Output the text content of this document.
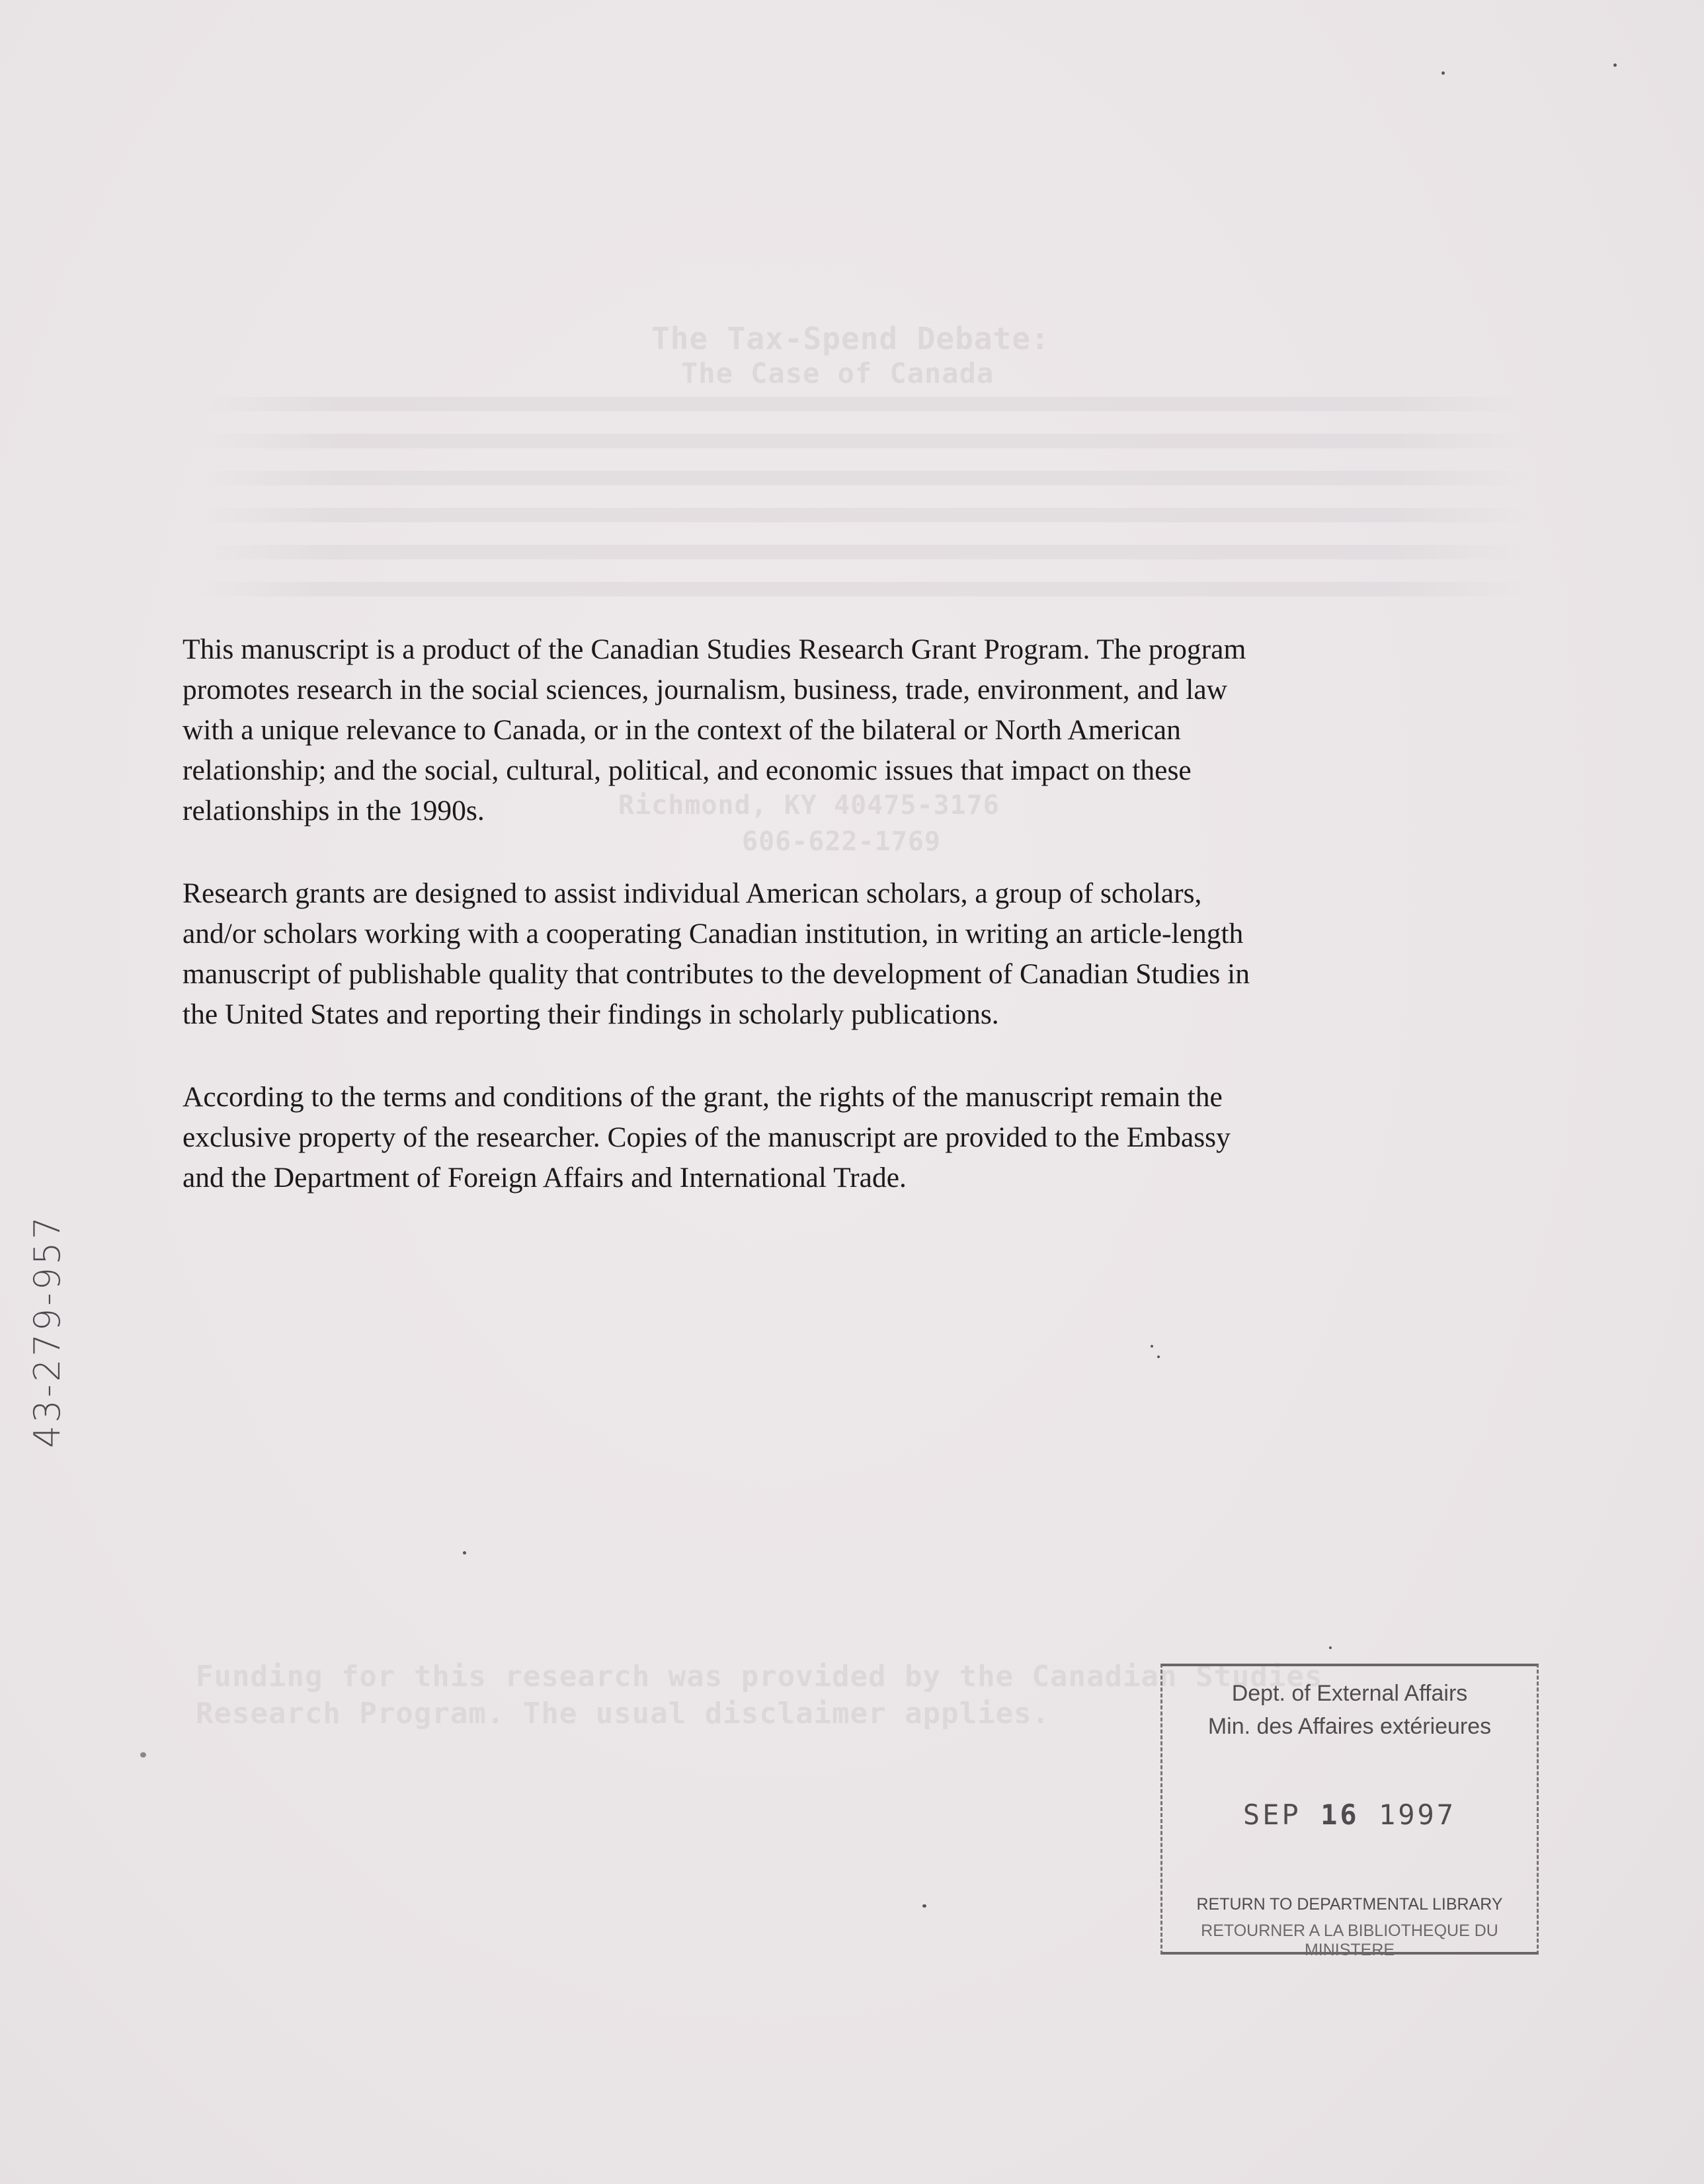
The Tax-Spend Debate:
The Case of Canada
Richmond, KY 40475-3176
606-622-1769
Funding for this research was provided by the Canadian Studies
Research Program. The usual disclaimer applies.
This manuscript is a product of the Canadian Studies Research Grant Program. The program
promotes research in the social sciences, journalism, business, trade, environment, and law
with a unique relevance to Canada, or in the context of the bilateral or North American
relationship; and the social, cultural, political, and economic issues that impact on these
relationships in the 1990s.
Research grants are designed to assist individual American scholars, a group of scholars,
and/or scholars working with a cooperating Canadian institution, in writing an article-length
manuscript of publishable quality that contributes to the development of Canadian Studies in
the United States and reporting their findings in scholarly publications.
According to the terms and conditions of the grant, the rights of the manuscript remain the
exclusive property of the researcher. Copies of the manuscript are provided to the Embassy
and the Department of Foreign Affairs and International Trade.
43-279-957
Dept. of External Affairs
Min. des Affaires extérieures
SEP 16 1997
RETURN TO DEPARTMENTAL LIBRARY
RETOURNER A LA BIBLIOTHEQUE DU MINISTERE
